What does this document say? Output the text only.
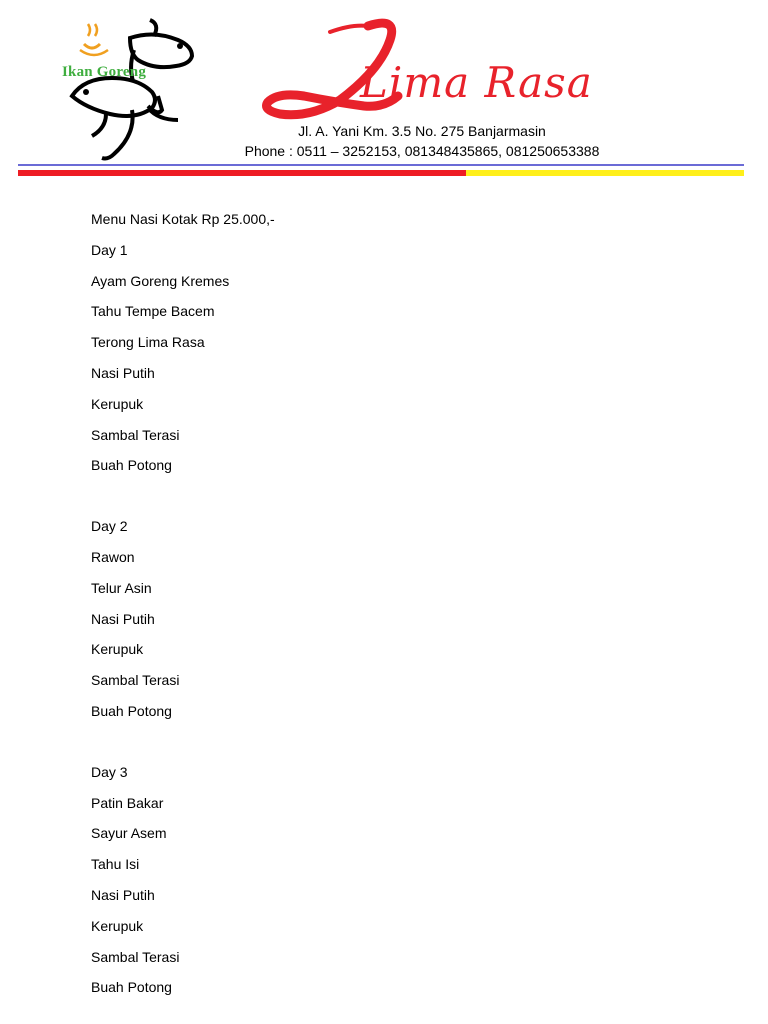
Ikan Goreng	Lima Rasa
Jl. A. Yani Km. 3.5 No. 275 Banjarmasin
Phone : 0511 – 3252153, 081348435865, 081250653388
Menu Nasi Kotak Rp 25.000,-
Day 1
Ayam Goreng Kremes
Tahu Tempe Bacem
Terong Lima Rasa
Nasi Putih
Kerupuk
Sambal Terasi
Buah Potong
Day 2
Rawon
Telur Asin
Nasi Putih
Kerupuk
Sambal Terasi
Buah Potong
Day 3
Patin Bakar
Sayur Asem
Tahu Isi
Nasi Putih
Kerupuk
Sambal Terasi
Buah Potong
